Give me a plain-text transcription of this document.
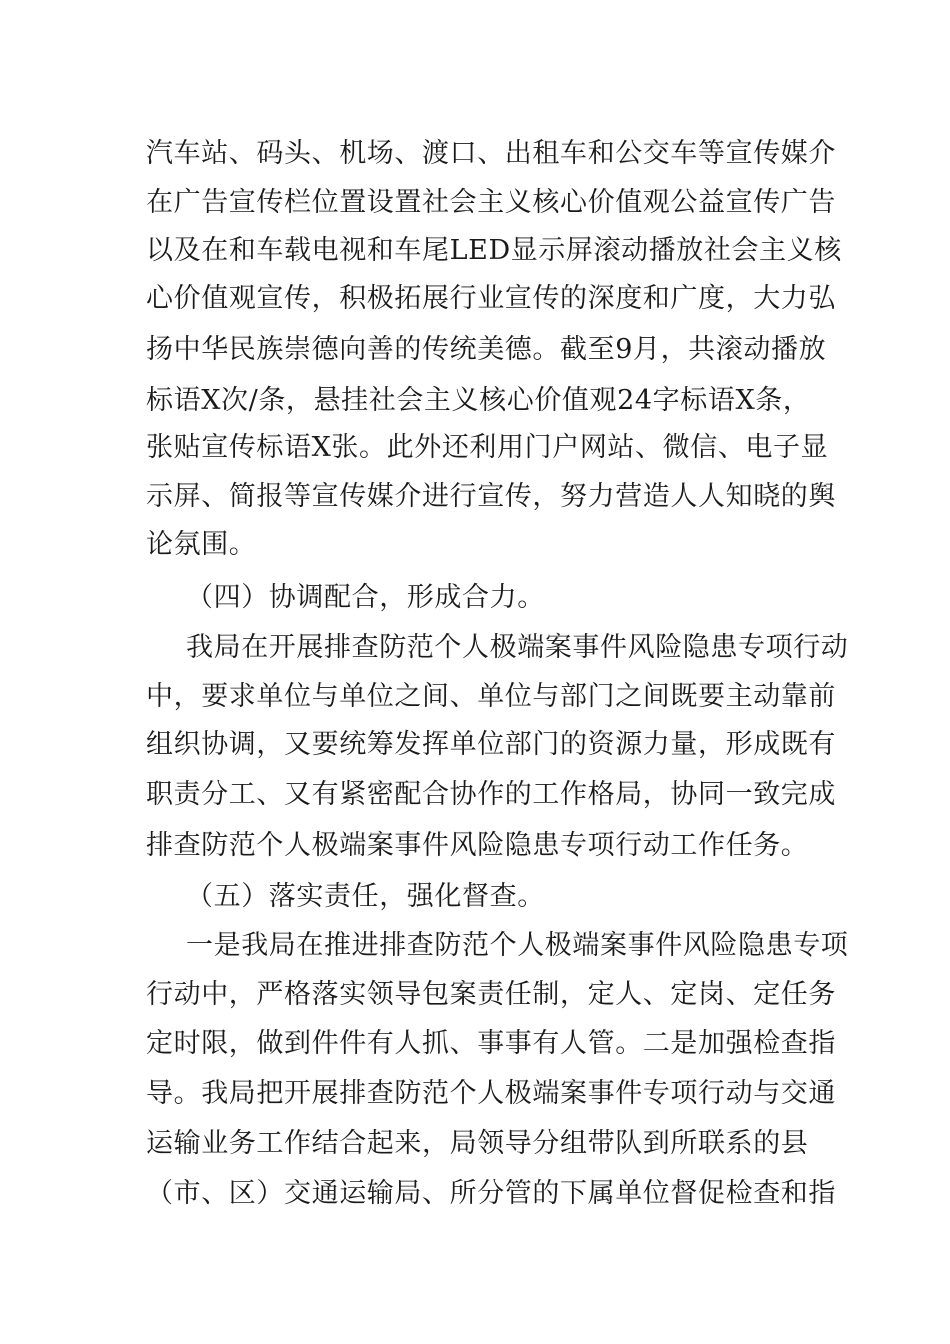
汽车站、码头、机场、渡口、出租车和公交车等宣传媒介
在广告宣传栏位置设置社会主义核心价值观公益宣传广告
以及在和车载电视和车尾LED显示屏滚动播放社会主义核
心价值观宣传，积极拓展行业宣传的深度和广度，大力弘
扬中华民族崇德向善的传统美德。截至9月，共滚动播放
标语X次/条，悬挂社会主义核心价值观24字标语X条，
张贴宣传标语X张。此外还利用门户网站、微信、电子显
示屏、简报等宣传媒介进行宣传，努力营造人人知晓的舆
论氛围。
（四）协调配合，形成合力。
我局在开展排查防范个人极端案事件风险隐患专项行动
中，要求单位与单位之间、单位与部门之间既要主动靠前
组织协调，又要统筹发挥单位部门的资源力量，形成既有
职责分工、又有紧密配合协作的工作格局，协同一致完成
排查防范个人极端案事件风险隐患专项行动工作任务。
（五）落实责任，强化督查。
一是我局在推进排查防范个人极端案事件风险隐患专项
行动中，严格落实领导包案责任制，定人、定岗、定任务
定时限，做到件件有人抓、事事有人管。二是加强检查指
导。我局把开展排查防范个人极端案事件专项行动与交通
运输业务工作结合起来，局领导分组带队到所联系的县
（市、区）交通运输局、所分管的下属单位督促检查和指
